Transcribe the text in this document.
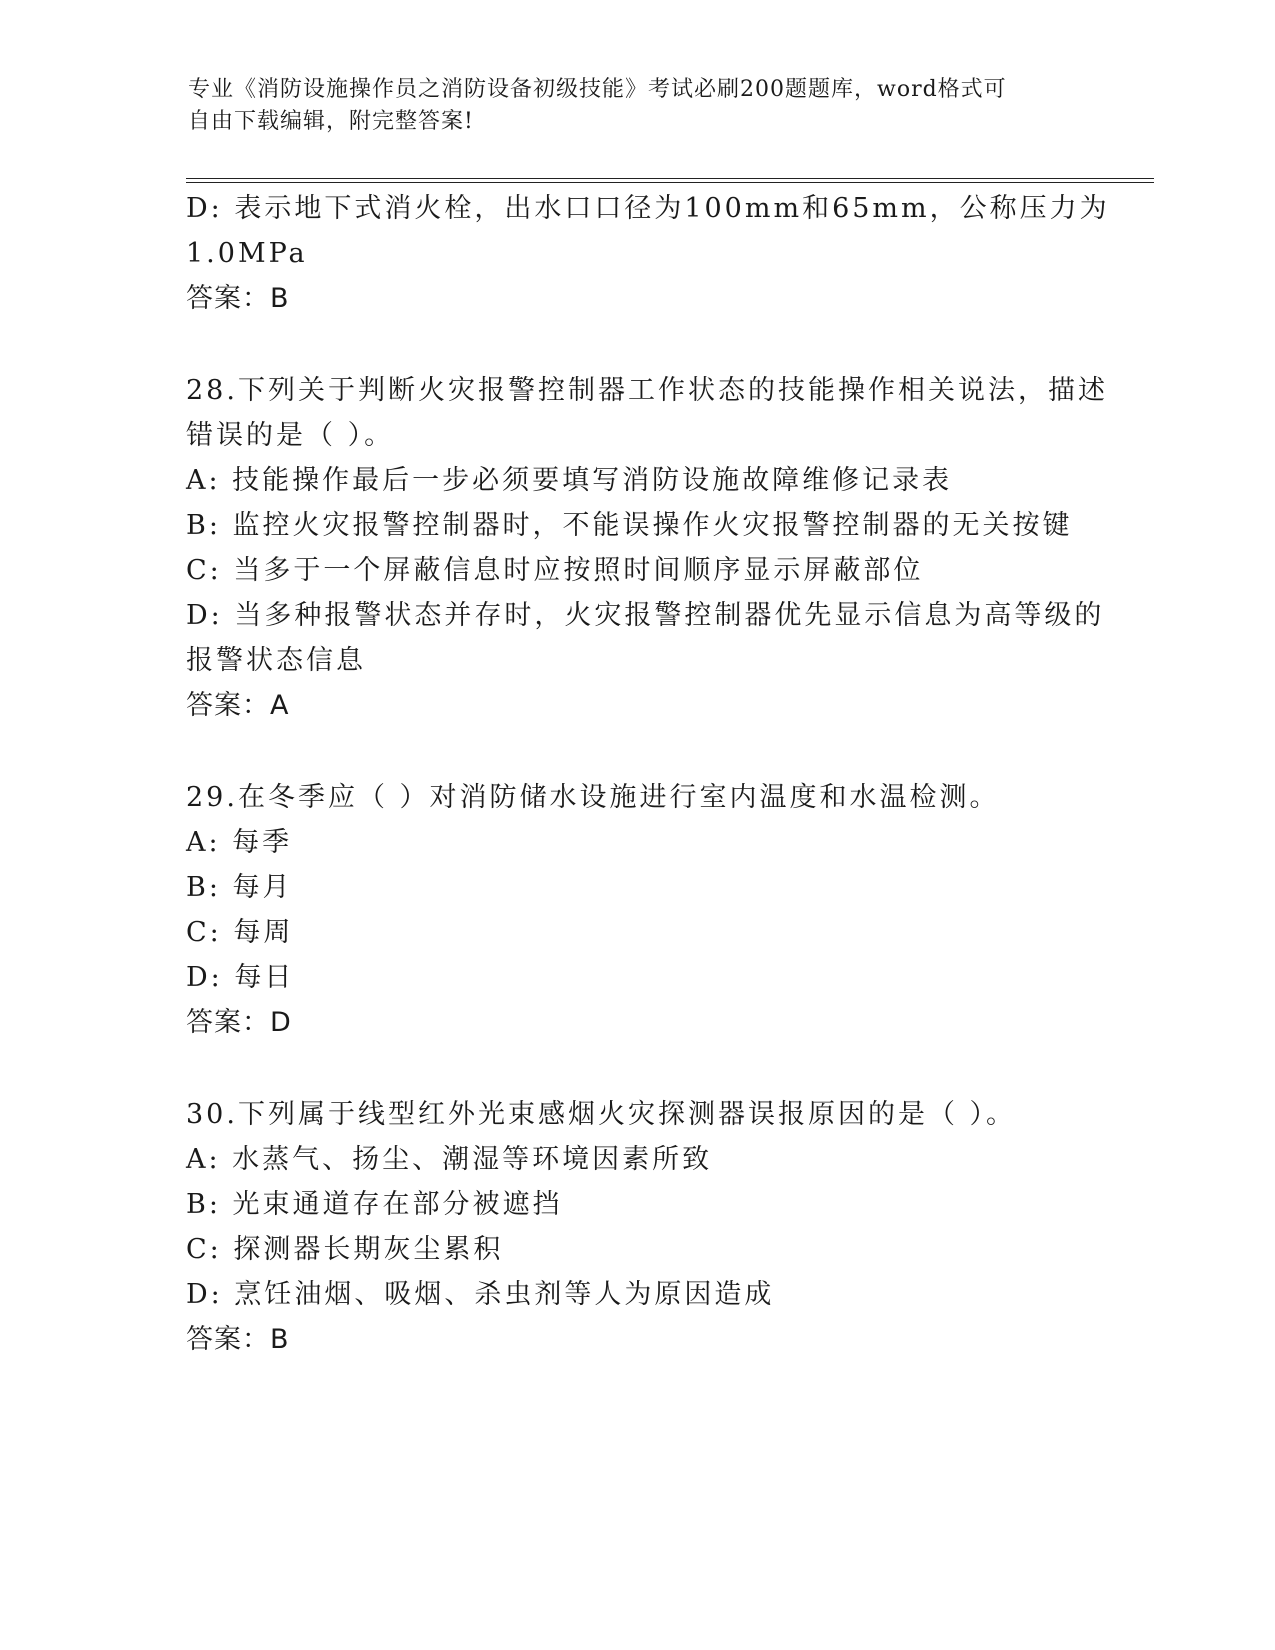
专业《消防设施操作员之消防设备初级技能》考试必刷200题题库，word格式可
自由下载编辑，附完整答案!
D: 表示地下式消火栓，出水口口径为100mm和65mm，公称压力为
1.0MPa
答案：B
28.下列关于判断火灾报警控制器工作状态的技能操作相关说法，描述
错误的是（ ）。
A: 技能操作最后一步必须要填写消防设施故障维修记录表
B: 监控火灾报警控制器时，不能误操作火灾报警控制器的无关按键
C: 当多于一个屏蔽信息时应按照时间顺序显示屏蔽部位
D: 当多种报警状态并存时，火灾报警控制器优先显示信息为高等级的
报警状态信息
答案：A
29.在冬季应（ ）对消防储水设施进行室内温度和水温检测。
A: 每季
B: 每月
C: 每周
D: 每日
答案：D
30.下列属于线型红外光束感烟火灾探测器误报原因的是（ ）。
A: 水蒸气、扬尘、潮湿等环境因素所致
B: 光束通道存在部分被遮挡
C: 探测器长期灰尘累积
D: 烹饪油烟、吸烟、杀虫剂等人为原因造成
答案：B
